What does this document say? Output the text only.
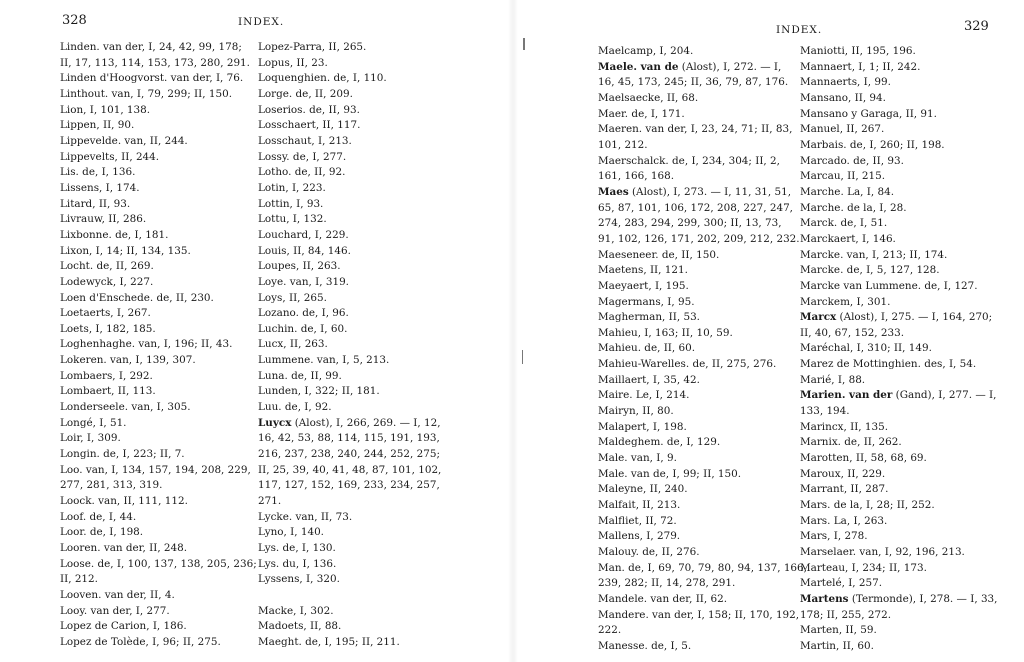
328	INDEX.
Linden. van der, I, 24, 42, 99, 178;
II, 17, 113, 114, 153, 173, 280, 291.
Linden d'Hoogvorst. van der, I, 76.
Linthout. van, I, 79, 299; II, 150.
Lion, I, 101, 138.
Lippen, II, 90.
Lippevelde. van, II, 244.
Lippevelts, II, 244.
Lis. de, I, 136.
Lissens, I, 174.
Litard, II, 93.
Livrauw, II, 286.
Lixbonne. de, I, 181.
Lixon, I, 14; II, 134, 135.
Locht. de, II, 269.
Lodewyck, I, 227.
Loen d'Enschede. de, II, 230.
Loetaerts, I, 267.
Loets, I, 182, 185.
Loghenhaghe. van, I, 196; II, 43.
Lokeren. van, I, 139, 307.
Lombaers, I, 292.
Lombaert, II, 113.
Londerseele. van, I, 305.
Longé, I, 51.
Loir, I, 309.
Longin. de, I, 223; II, 7.
Loo. van, I, 134, 157, 194, 208, 229,
277, 281, 313, 319.
Loock. van, II, 111, 112.
Loof. de, I, 44.
Loor. de, I, 198.
Looren. van der, II, 248.
Loose. de, I, 100, 137, 138, 205, 236;
II, 212.
Looven. van der, II, 4.
Looy. van der, I, 277.
Lopez de Carion, I, 186.
Lopez de Tolède, I, 96; II, 275.
Lopez-Parra, II, 265.
Lopus, II, 23.
Loquenghien. de, I, 110.
Lorge. de, II, 209.
Loserios. de, II, 93.
Losschaert, II, 117.
Losschaut, I, 213.
Lossy. de, I, 277.
Lotho. de, II, 92.
Lotin, I, 223.
Lottin, I, 93.
Lottu, I, 132.
Louchard, I, 229.
Louis, II, 84, 146.
Loupes, II, 263.
Loye. van, I, 319.
Loys, II, 265.
Lozano. de, I, 96.
Luchin. de, I, 60.
Lucx, II, 263.
Lummene. van, I, 5, 213.
Luna. de, II, 99.
Lunden, I, 322; II, 181.
Luu. de, I, 92.
Luycx (Alost), I, 266, 269. — I, 12,
16, 42, 53, 88, 114, 115, 191, 193,
216, 237, 238, 240, 244, 252, 275;
II, 25, 39, 40, 41, 48, 87, 101, 102,
117, 127, 152, 169, 233, 234, 257,
271.
Lycke. van, II, 73.
Lyno, I, 140.
Lys. de, I, 130.
Lys. du, I, 136.
Lyssens, I, 320.

Macke, I, 302.
Madoets, II, 88.
Maeght. de, I, 195; II, 211.
INDEX.	329
Maelcamp, I, 204.
Maele. van de (Alost), I, 272. — I,
16, 45, 173, 245; II, 36, 79, 87, 176.
Maelsaecke, II, 68.
Maer. de, I, 171.
Maeren. van der, I, 23, 24, 71; II, 83,
101, 212.
Maerschalck. de, I, 234, 304; II, 2,
161, 166, 168.
Maes (Alost), I, 273. — I, 11, 31, 51,
65, 87, 101, 106, 172, 208, 227, 247,
274, 283, 294, 299, 300; II, 13, 73,
91, 102, 126, 171, 202, 209, 212, 232.
Maeseneer. de, II, 150.
Maetens, II, 121.
Maeyaert, I, 195.
Magermans, I, 95.
Magherman, II, 53.
Mahieu, I, 163; II, 10, 59.
Mahieu. de, II, 60.
Mahieu-Warelles. de, II, 275, 276.
Maillaert, I, 35, 42.
Maire. Le, I, 214.
Mairyn, II, 80.
Malapert, I, 198.
Maldeghem. de, I, 129.
Male. van, I, 9.
Male. van de, I, 99; II, 150.
Maleyne, II, 240.
Malfait, II, 213.
Malfliet, II, 72.
Mallens, I, 279.
Malouy. de, II, 276.
Man. de, I, 69, 70, 79, 80, 94, 137, 166,
239, 282; II, 14, 278, 291.
Mandele. van der, II, 62.
Mandere. van der, I, 158; II, 170, 192,
222.
Manesse. de, I, 5.
Maniotti, II, 195, 196.
Mannaert, I, 1; II, 242.
Mannaerts, I, 99.
Mansano, II, 94.
Mansano y Garaga, II, 91.
Manuel, II, 267.
Marbais. de, I, 260; II, 198.
Marcado. de, II, 93.
Marcau, II, 215.
Marche. La, I, 84.
Marche. de la, I, 28.
Marck. de, I, 51.
Marckaert, I, 146.
Marcke. van, I, 213; II, 174.
Marcke. de, I, 5, 127, 128.
Marcke van Lummene. de, I, 127.
Marckem, I, 301.
Marcx (Alost), I, 275. — I, 164, 270;
II, 40, 67, 152, 233.
Maréchal, I, 310; II, 149.
Marez de Mottinghien. des, I, 54.
Marié, I, 88.
Marien. van der (Gand), I, 277. — I,
133, 194.
Marincx, II, 135.
Marnix. de, II, 262.
Marotten, II, 58, 68, 69.
Maroux, II, 229.
Marrant, II, 287.
Mars. de la, I, 28; II, 252.
Mars. La, I, 263.
Mars, I, 278.
Marselaer. van, I, 92, 196, 213.
Marteau, I, 234; II, 173.
Martelé, I, 257.
Martens (Termonde), I, 278. — I, 33,
178; II, 255, 272.
Marten, II, 59.
Martin, II, 60.
